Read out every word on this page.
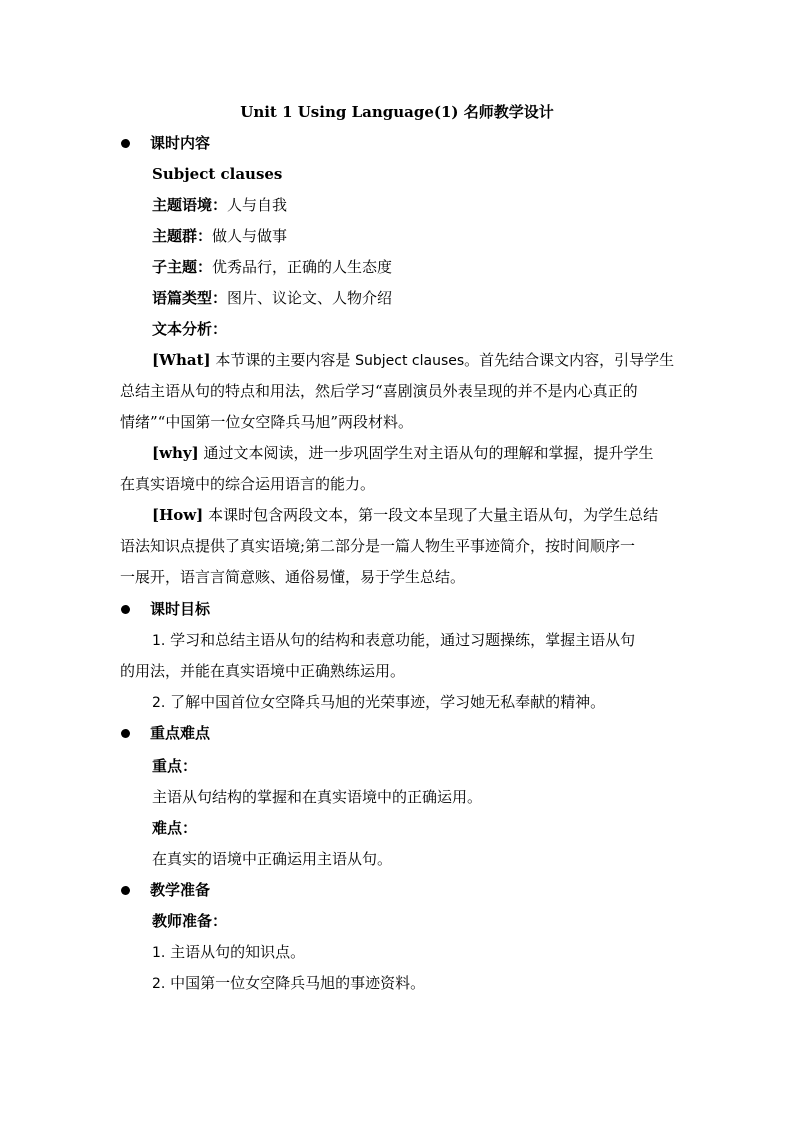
Unit 1 Using Language(1) 名师教学设计
课时内容
Subject clauses
主题语境：人与自我
主题群：做人与做事
子主题：优秀品行，正确的人生态度
语篇类型：图片、议论文、人物介绍
文本分析：
[What] 本节课的主要内容是 Subject clauses。首先结合课文内容，引导学生
总结主语从句的特点和用法，然后学习“喜剧演员外表呈现的并不是内心真正的
情绪”“中国第一位女空降兵马旭”两段材料。
[why] 通过文本阅读，进一步巩固学生对主语从句的理解和掌握，提升学生
在真实语境中的综合运用语言的能力。
[How] 本课时包含两段文本，第一段文本呈现了大量主语从句，为学生总结
语法知识点提供了真实语境;第二部分是一篇人物生平事迹简介，按时间顺序一
一展开，语言言简意赅、通俗易懂，易于学生总结。
课时目标
1. 学习和总结主语从句的结构和表意功能，通过习题操练，掌握主语从句
的用法，并能在真实语境中正确熟练运用。
2. 了解中国首位女空降兵马旭的光荣事迹，学习她无私奉献的精神。
重点难点
重点：
主语从句结构的掌握和在真实语境中的正确运用。
难点：
在真实的语境中正确运用主语从句。
教学准备
教师准备：
1. 主语从句的知识点。
2. 中国第一位女空降兵马旭的事迹资料。
